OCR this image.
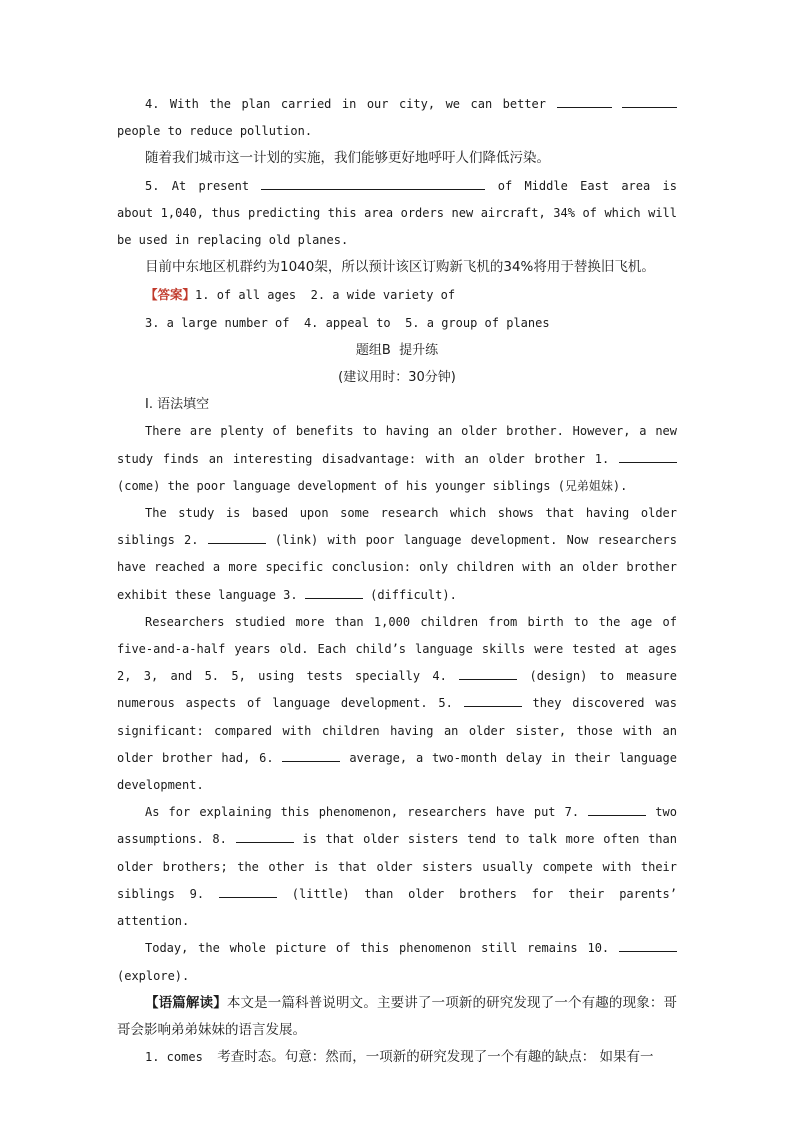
4. With the plan carried in our city, we can better   people to reduce pollution.

随着我们城市这一计划的实施，我们能够更好地呼吁人们降低污染。

5. At present	of Middle East area is about 1,040, thus predicting this area orders new aircraft, 34% of which will be used in replacing old planes.

目前中东地区机群约为1040架，所以预计该区订购新飞机的34%将用于替换旧飞机。

【答案】1. of all ages  2. a wide variety of

3. a large number of  4. appeal to  5. a group of planes

题组B  提升练

(建议用时：30分钟)

Ⅰ. 语法填空

There are plenty of benefits to having an older brother. However, a new study finds an interesting disadvantage: with an older brother 1.  (come) the poor language development of his younger siblings (兄弟姐妹).

The study is based upon some research which shows that having older siblings 2.	(link) with poor language development. Now researchers have reached a more specific conclusion: only children with an older brother exhibit these language 3.	(difficult).

Researchers studied more than 1,000 children from birth to the age of five-and-a-half years old. Each child’s language skills were tested at ages 2, 3, and 5. 5, using tests specially 4.	(design) to measure numerous aspects of language development. 5.	they discovered was significant: compared with children having an older sister, those with an older brother had, 6.	average, a two-month delay in their language development.

As for explaining this phenomenon, researchers have put 7.	two assumptions. 8.	is that older sisters tend to talk more often than older brothers; the other is that older sisters usually compete with their siblings 9.	(little) than older brothers for their parents’ attention.

Today, the whole picture of this phenomenon still remains 10.  (explore).

【语篇解读】本文是一篇科普说明文。主要讲了一项新的研究发现了一个有趣的现象：哥哥会影响弟弟妹妹的语言发展。

1. comes 考查时态。句意：然而，一项新的研究发现了一个有趣的缺点： 如果有一
